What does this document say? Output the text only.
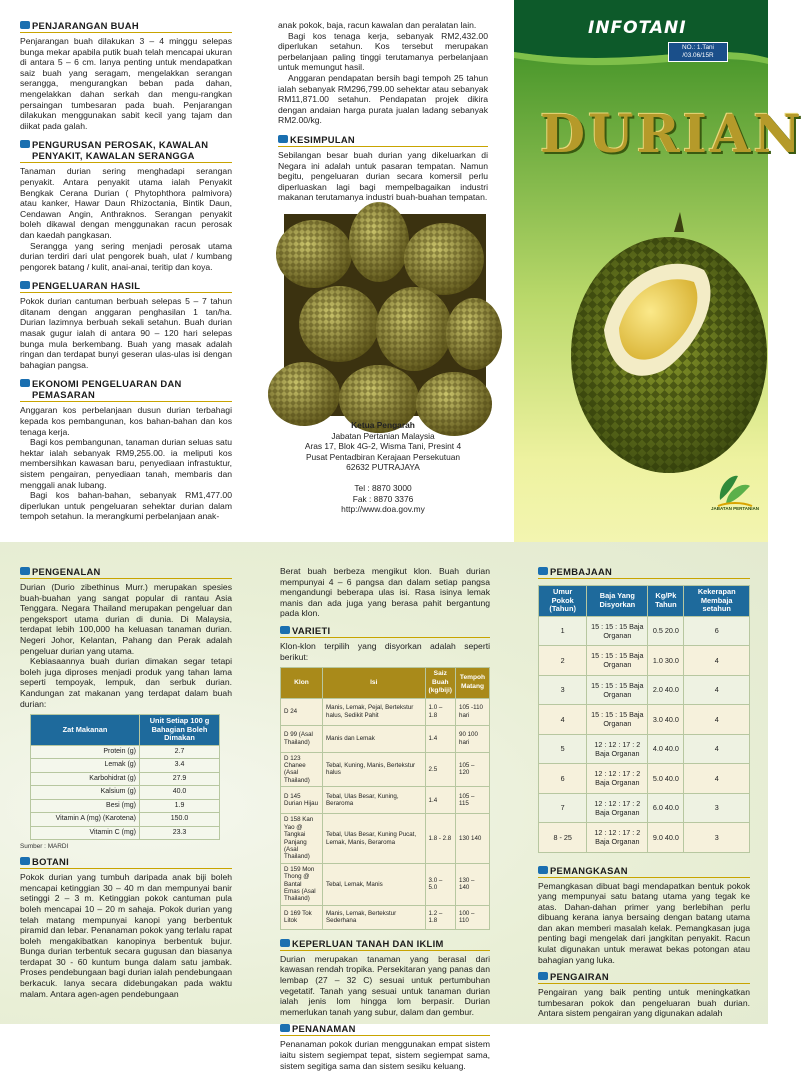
PENJARANGAN BUAH

Penjarangan buah dilakukan 3 – 4 minggu selepas bunga mekar apabila putik buah telah mencapai ukuran di antara 5 – 6 cm. Ianya penting untuk mendapatkan saiz buah yang seragam, mengelakkan serangan serangga, mengurangkan beban pada dahan, mengelakkan dahan serkah dan mengu-rangkan persaingan tumbesaran pada buah. Penjarangan dilakukan menggunakan sabit kecil yang tajam dan diikat pada galah.

PENGURUSAN PEROSAK, KAWALAN PENYAKIT, KAWALAN SERANGGA

Tanaman durian sering menghadapi serangan penyakit. Antara penyakit utama ialah Penyakit Bengkak Cerana Durian ( Phytophthora palmivora) atau kanker, Hawar Daun Rhizoctania, Bintik Daun, Cendawan Angin, Anthraknos. Serangan penyakit boleh dikawal dengan menggunakan racun perosak dan kaedah pangkasan.

Serangga yang sering menjadi perosak utama durian terdiri dari ulat pengorek buah, ulat / kumbang pengorek batang / kulit, anai-anai, teritip dan koya.

PENGELUARAN HASIL

Pokok durian cantuman berbuah selepas 5 – 7 tahun ditanam dengan anggaran penghasilan 1 tan/ha. Durian lazimnya berbuah sekali setahun. Buah durian masak gugur ialah di antara 90 – 120 hari selepas bunga mula berkembang. Buah yang masak adalah ringan dan terdapat bunyi geseran ulas-ulas isi dengan bahagian pangsa.

EKONOMI PENGELUARAN DAN PEMASARAN

Anggaran kos perbelanjaan dusun durian terbahagi kepada kos pembangunan, kos bahan-bahan dan kos tenaga kerja.

Bagi kos pembangunan, tanaman durian seluas satu hektar ialah sebanyak RM9,255.00. ia meliputi kos membersihkan kawasan baru, penyediaan infrastuktur, sistem pengairan, penyediaan tanah, membaris dan menggali anak lubang.

Bagi kos bahan-bahan, sebanyak RM1,477.00 diperlukan untuk pengeluaran sehektar durian dalam tempoh setahun. Ia merangkumi perbelanjaan anak-

anak pokok, baja, racun kawalan dan peralatan lain.

Bagi kos tenaga kerja, sebanyak RM2,432.00 diperlukan setahun. Kos tersebut merupakan perbelanjaan paling tinggi terutamanya perbelanjaan untuk memungut hasil.

Anggaran pendapatan bersih bagi tempoh 25 tahun ialah sebanyak RM296,799.00 sehektar atau sebanyak RM11,871.00 setahun. Pendapatan projek dikira dengan andaian harga purata jualan ladang sebanyak RM2.00/kg.

KESIMPULAN

Sebilangan besar buah durian yang dikeluarkan di Negara ini adalah untuk pasaran tempatan. Namun begitu, pengeluaran durian secara komersil perlu diperluaskan lagi bagi mempelbagaikan industri makanan terutamanya industri buah-buahan tempatan.

Ketua Pengarah
Jabatan Pertanian Malaysia
Aras 17, Blok 4G-2, Wisma Tani, Presint 4
Pusat Pentadbiran Kerajaan Persekutuan
62632 PUTRAJAYA
Tel : 8870 3000
Fak : 8870 3376
http://www.doa.gov.my
INFOTANI
NO.: 1.Tani
/03.06/15R
DURIAN
JABATAN PERTANIAN
PENGENALAN

Durian (Durio zibethinus Murr.) merupakan spesies buah-buahan yang sangat popular di rantau Asia Tenggara. Negara Thailand merupakan pengeluar dan pengeksport utama durian di dunia. Di Malaysia, terdapat lebih 100,000 ha keluasan tanaman durian. Negeri Johor, Kelantan, Pahang dan Perak adalah pengeluar durian yang utama.

Kebiasaannya buah durian dimakan segar tetapi boleh juga diproses menjadi produk yang tahan lama seperti tempoyak, lempuk, dan serbuk durian. Kandungan zat makanan yang terdapat dalam buah durian:

Zat Makanan	Unit Setiap 100 g Bahagian Boleh Dimakan
Protein (g)	2.7
Lemak (g)	3.4
Karbohidrat (g)	27.9
Kalsium (g)	40.0
Besi (mg)	1.9
Vitamin A (mg) (Karotena)	150.0
Vitamin C (mg)	23.3
Sumber : MARDI
BOTANI

Pokok durian yang tumbuh daripada anak biji boleh mencapai ketinggian 30 – 40 m dan mempunyai banir setinggi 2 – 3 m. Ketinggian pokok cantuman pula boleh mencapai 10 – 20 m sahaja. Pokok durian yang telah matang mempunyai kanopi yang berbentuk piramid dan lebar. Penanaman pokok yang terlalu rapat boleh mengakibatkan kanopinya berbentuk bujur. Bunga durian terbentuk secara gugusan dan biasanya terdapat 30 - 60 kuntum bunga dalam satu jambak. Proses pendebungaan bagi durian ialah pendebungaan berkacuk. Ianya secara didebungakan pada waktu malam. Antara agen-agen pendebungaan

Berat buah berbeza mengikut klon. Buah durian mempunyai 4 – 6 pangsa dan dalam setiap pangsa mengandungi beberapa ulas isi. Rasa isinya lemak manis dan ada juga yang berasa pahit bergantung pada klon.

VARIETI

Klon-klon terpilih yang disyorkan adalah seperti berikut:

Klon	Isi	Saiz Buah (kg/biji)	Tempoh Matang
D 24	Manis, Lemak, Pejal, Bertekstur halus, Sedikit Pahit	1.0 – 1.8	105 -110 hari
D 99 (Asal Thailand)	Manis dan Lemak	1.4	90 100 hari
D 123 Chanee (Asal Thailand)	Tebal, Kuning, Manis, Bertekstur halus	2.5	105 – 120
D 145 Durian Hijau	Tebal, Ulas Besar, Kuning, Beraroma	1.4	105 – 115
D 158 Kan Yao @ Tangkai Panjang (Asal Thailand)	Tebal, Ulas Besar, Kuning Pucat, Lemak, Manis, Beraroma	1.8 - 2.8	130 140
D 159 Mon Thong @ Bantal Emas (Asal Thailand)	Tebal, Lemak, Manis	3.0 – 5.0	130 – 140
D 169 Tok Litok	Manis, Lemak, Bertekstur Sederhana	1.2 – 1.8	100 – 110
KEPERLUAN TANAH DAN IKLIM

Durian merupakan tanaman yang berasal dari kawasan rendah tropika. Persekitaran yang panas dan lembap (27 – 32 C) sesuai untuk pertumbuhan vegetatif. Tanah yang sesuai untuk tanaman durian ialah jenis lom hingga lom berpasir. Durian memerlukan tanah yang subur, dalam dan gembur.

PENANAMAN

Penanaman pokok durian menggunakan empat sistem iaitu sistem segiempat tepat, sistem segiempat sama, sistem segitiga sama dan sistem sesiku keluang.

PEMBAJAAN
Umur Pokok (Tahun)	Baja Yang Disyorkan	Kg/Pk Tahun	Kekerapan Membaja setahun
1	15 : 15 : 15 Baja Organan	0.5 20.0	6
2	15 : 15 : 15 Baja Organan	1.0 30.0	4
3	15 : 15 : 15 Baja Organan	2.0 40.0	4
4	15 : 15 : 15 Baja Organan	3.0 40.0	4
5	12 : 12 : 17 : 2 Baja Organan	4.0 40.0	4
6	12 : 12 : 17 : 2 Baja Organan	5.0 40.0	4
7	12 : 12 : 17 : 2 Baja Organan	6.0 40.0	3
8 - 25	12 : 12 : 17 : 2 Baja Organan	9.0 40.0	3
PEMANGKASAN

Pemangkasan dibuat bagi mendapatkan bentuk pokok yang mempunyai satu batang utama yang tegak ke atas. Dahan-dahan primer yang berlebihan perlu dibuang kerana ianya bersaing dengan batang utama dan akan memberi masalah kelak. Pemangkasan juga penting bagi mengelak dari jangkitan penyakit. Racun kulat digunakan untuk merawat bekas potongan atau bahagian yang luka.

PENGAIRAN

Pengairan yang baik penting untuk meningkatkan tumbesaran pokok dan pengeluaran buah durian. Antara sistem pengairan yang digunakan adalah
